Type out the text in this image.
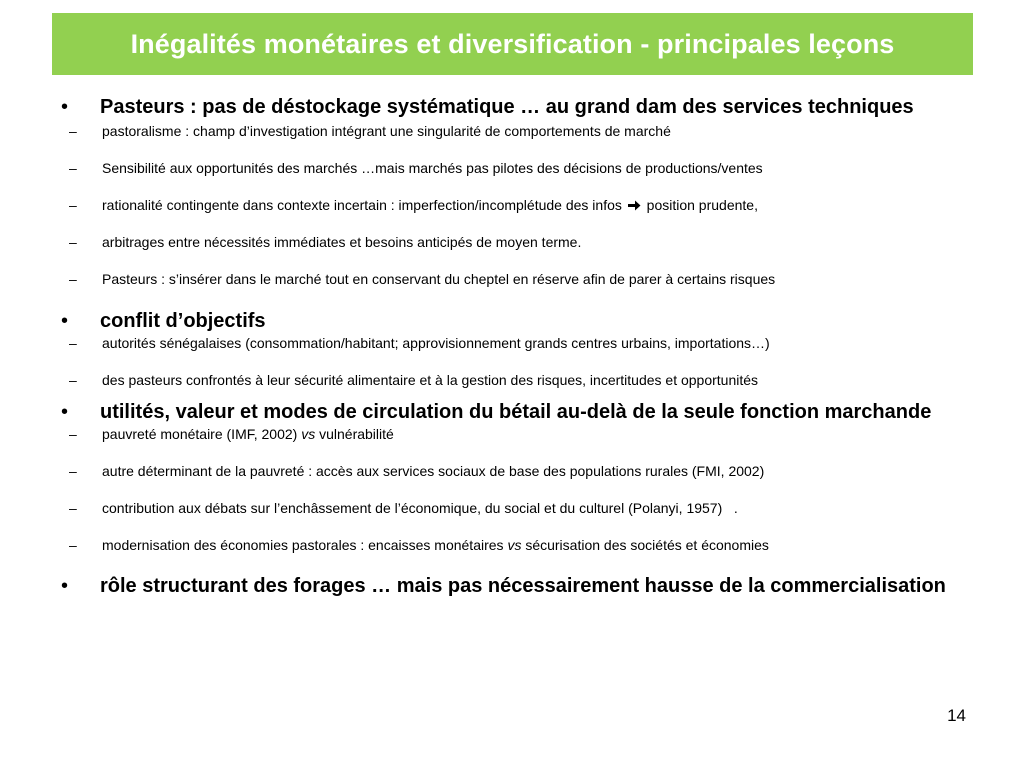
Inégalités monétaires et diversification - principales leçons
• Pasteurs : pas de déstockage systématique … au grand dam des services techniques
– pastoralisme : champ d’investigation intégrant une singularité de comportements de marché
– Sensibilité aux opportunités des marchés …mais marchés pas pilotes des décisions de productions/ventes
– rationalité contingente dans contexte incertain : imperfection/incomplétude des infos  position prudente,
– arbitrages entre nécessités immédiates et besoins anticipés de moyen terme.
– Pasteurs : s’insérer dans le marché tout en conservant du cheptel en réserve afin de parer à certains risques
• conflit d’objectifs
– autorités sénégalaises (consommation/habitant; approvisionnement grands centres urbains, importations…)
– des pasteurs confrontés à leur sécurité alimentaire et à la gestion des risques, incertitudes et opportunités
• utilités, valeur et modes de circulation du bétail au-delà de la seule fonction marchande
– pauvreté monétaire (IMF, 2002) vs vulnérabilité
– autre déterminant de la pauvreté : accès aux services sociaux de base des populations rurales (FMI, 2002)
– contribution aux débats sur l’enchâssement de l’économique, du social et du culturel (Polanyi, 1957)   .
– modernisation des économies pastorales : encaisses monétaires vs sécurisation des sociétés et économies
• rôle structurant des forages … mais pas nécessairement hausse de la commercialisation
14
